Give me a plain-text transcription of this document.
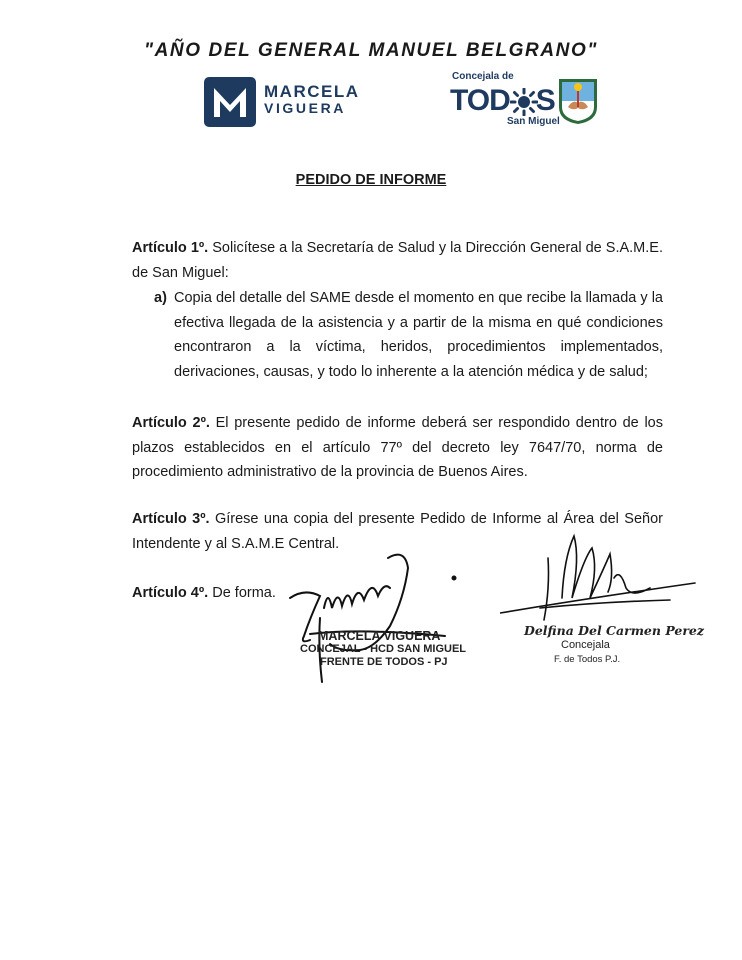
"AÑO DEL GENERAL MANUEL BELGRANO"
MARCELA
VIGUERA
Concejala de
TOD S
San Miguel
PEDIDO DE INFORME
Artículo 1º. Solicítese a la Secretaría de Salud y la Dirección General de S.A.M.E. de San Miguel:
a) Copia del detalle del SAME desde el momento en que recibe la llamada y la efectiva llegada de la asistencia y a partir de la misma en qué condiciones encontraron a la víctima, heridos, procedimientos implementados, derivaciones, causas, y todo lo inherente a la atención médica y de salud;
Artículo 2º. El presente pedido de informe deberá ser respondido dentro de los plazos establecidos en el artículo 77º del decreto ley 7647/70, norma de procedimiento administrativo de la provincia de Buenos Aires.
Artículo 3º. Gírese una copia del presente Pedido de Informe al Área del Señor Intendente y al S.A.M.E Central.
Artículo 4º. De forma.
MARCELA VIGUERA
CONCEJAL - HCD SAN MIGUEL
FRENTE DE TODOS - PJ
Delfina Del Carmen Perez
Concejala
F. de Todos P.J.
